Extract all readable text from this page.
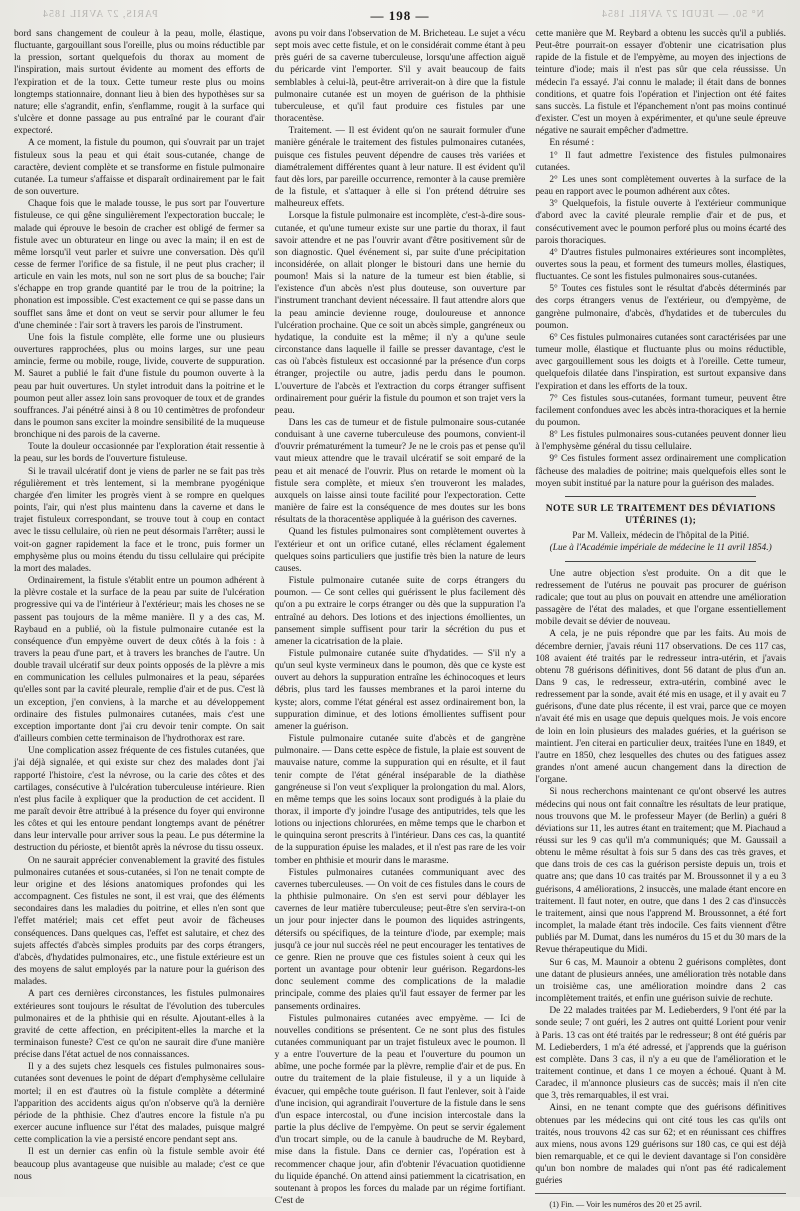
PARIS, 27 AVRIL 1854	— 198 —	N° 50. — JEUDI 27 AVRIL 1854

bord sans changement de couleur à la peau, molle, élastique, fluctuante, gargouillant sous l'oreille, plus ou moins réductible par la pression, sortant quelquefois du thorax au moment de l'inspiration, mais surtout évidente au moment des efforts de l'expiration et de la toux. Cette tumeur reste plus ou moins longtemps stationnaire, donnant lieu à bien des hypothèses sur sa nature; elle s'agrandit, enfin, s'enflamme, rougit à la surface qui s'ulcère et donne passage au pus entraîné par le courant d'air expectoré.

A ce moment, la fistule du poumon, qui s'ouvrait par un trajet fistuleux sous la peau et qui était sous-cutanée, change de caractère, devient complète et se transforme en fistule pulmonaire cutanée. La tumeur s'affaisse et disparaît ordinairement par le fait de son ouverture.

Chaque fois que le malade tousse, le pus sort par l'ouverture fistuleuse, ce qui gêne singulièrement l'expectoration buccale; le malade qui éprouve le besoin de cracher est obligé de fermer sa fistule avec un obturateur en linge ou avec la main; il en est de même lorsqu'il veut parler et suivre une conversation. Dès qu'il cesse de fermer l'orifice de sa fistule, il ne peut plus cracher; il articule en vain les mots, nul son ne sort plus de sa bouche; l'air s'échappe en trop grande quantité par le trou de la poitrine; la phonation est impossible. C'est exactement ce qui se passe dans un soufflet sans âme et dont on veut se servir pour allumer le feu d'une cheminée : l'air sort à travers les parois de l'instrument.

Une fois la fistule complète, elle forme une ou plusieurs ouvertures rapprochées, plus ou moins larges, sur une peau amincie, ferme ou mobile, rouge, livide, couverte de suppuration. M. Sauret a publié le fait d'une fistule du poumon ouverte à la peau par huit ouvertures. Un stylet introduit dans la poitrine et le poumon peut aller assez loin sans provoquer de toux et de grandes souffrances. J'ai pénétré ainsi à 8 ou 10 centimètres de profondeur dans le poumon sans exciter la moindre sensibilité de la muqueuse bronchique ni des parois de la caverne.

Toute la douleur occasionnée par l'exploration était ressentie à la peau, sur les bords de l'ouverture fistuleuse.

Si le travail ulcératif dont je viens de parler ne se fait pas très régulièrement et très lentement, si la membrane pyogénique chargée d'en limiter les progrès vient à se rompre en quelques points, l'air, qui n'est plus maintenu dans la caverne et dans le trajet fistuleux correspondant, se trouve tout à coup en contact avec le tissu cellulaire, où rien ne peut désormais l'arrêter; aussi le voit-on gagner rapidement la face et le tronc, puis former un emphysème plus ou moins étendu du tissu cellulaire qui précipite la mort des malades.

Ordinairement, la fistule s'établit entre un poumon adhérent à la plèvre costale et la surface de la peau par suite de l'ulcération progressive qui va de l'intérieur à l'extérieur; mais les choses ne se passent pas toujours de la même manière. Il y a des cas, M. Raybaud en a publié, où la fistule pulmonaire cutanée est la conséquence d'un empyème ouvert de deux côtés à la fois : à travers la peau d'une part, et à travers les branches de l'autre. Un double travail ulcératif sur deux points opposés de la plèvre a mis en communication les cellules pulmonaires et la peau, séparées qu'elles sont par la cavité pleurale, remplie d'air et de pus. C'est là un exception, j'en conviens, à la marche et au développement ordinaire des fistules pulmonaires cutanées, mais c'est une exception importante dont j'ai cru devoir tenir compte. On sait d'ailleurs combien cette terminaison de l'hydrothorax est rare.

Une complication assez fréquente de ces fistules cutanées, que j'ai déjà signalée, et qui existe sur chez des malades dont j'ai rapporté l'histoire, c'est la névrose, ou la carie des côtes et des cartilages, consécutive à l'ulcération tuberculeuse intérieure. Rien n'est plus facile à expliquer que la production de cet accident. Il me paraît devoir être attribué à la présence du foyer qui environne les côtes et qui les entoure pendant longtemps avant de pénétrer dans leur intervalle pour arriver sous la peau. Le pus détermine la destruction du périoste, et bientôt après la névrose du tissu osseux.

On ne saurait apprécier convenablement la gravité des fistules pulmonaires cutanées et sous-cutanées, si l'on ne tenait compte de leur origine et des lésions anatomiques profondes qui les accompagnent. Ces fistules ne sont, il est vrai, que des éléments secondaires dans les maladies du poitrine, et elles n'en sont que l'effet matériel; mais cet effet peut avoir de fâcheuses conséquences. Dans quelques cas, l'effet est salutaire, et chez des sujets affectés d'abcès simples produits par des corps étrangers, d'abcès, d'hydatides pulmonaires, etc., une fistule extérieure est un des moyens de salut employés par la nature pour la guérison des malades.

A part ces dernières circonstances, les fistules pulmonaires extérieures sont toujours le résultat de l'évolution des tubercules pulmonaires et de la phthisie qui en résulte. Ajoutant-elles à la gravité de cette affection, en précipitent-elles la marche et la terminaison funeste? C'est ce qu'on ne saurait dire d'une manière précise dans l'état actuel de nos connaissances.

Il y a des sujets chez lesquels ces fistules pulmonaires sous-cutanées sont devenues le point de départ d'emphysème cellulaire mortel; il en est d'autres où la fistule complète a déterminé l'apparition des accidents aigus qu'on n'observe qu'à la dernière période de la phthisie. Chez d'autres encore la fistule n'a pu exercer aucune influence sur l'état des malades, puisque malgré cette complication la vie a persisté encore pendant sept ans.

Il est un dernier cas enfin où la fistule semble avoir été beaucoup plus avantageuse que nuisible au malade; c'est ce que nous

avons pu voir dans l'observation de M. Bricheteau. Le sujet a vécu sept mois avec cette fistule, et on le considérait comme étant à peu près guéri de sa caverne tuberculeuse, lorsqu'une affection aiguë du péricarde vint l'emporter. S'il y avait beaucoup de faits semblables à celui-là, peut-être arriverait-on à dire que la fistule pulmonaire cutanée est un moyen de guérison de la phthisie tuberculeuse, et qu'il faut produire ces fistules par une thoracentèse.

Traitement. — Il est évident qu'on ne saurait formuler d'une manière générale le traitement des fistules pulmonaires cutanées, puisque ces fistules peuvent dépendre de causes très variées et diamétralement différentes quant à leur nature. Il est évident qu'il faut dès lors, par pareille occurrence, remonter à la cause première de la fistule, et s'attaquer à elle si l'on prétend détruire ses malheureux effets.

Lorsque la fistule pulmonaire est incomplète, c'est-à-dire sous-cutanée, et qu'une tumeur existe sur une partie du thorax, il faut savoir attendre et ne pas l'ouvrir avant d'être positivement sûr de son diagnostic. Quel événement si, par suite d'une précipitation inconsidérée, on allait plonger le bistouri dans une hernie du poumon! Mais si la nature de la tumeur est bien établie, si l'existence d'un abcès n'est plus douteuse, son ouverture par l'instrument tranchant devient nécessaire. Il faut attendre alors que la peau amincie devienne rouge, douloureuse et annonce l'ulcération prochaine. Que ce soit un abcès simple, gangréneux ou hydatique, la conduite est la même; il n'y a qu'une seule circonstance dans laquelle il faille se presser davantage, c'est le cas où l'abcès fistuleux est occasionné par la présence d'un corps étranger, projectile ou autre, jadis perdu dans le poumon. L'ouverture de l'abcès et l'extraction du corps étranger suffisent ordinairement pour guérir la fistule du poumon et son trajet vers la peau.

Dans les cas de tumeur et de fistule pulmonaire sous-cutanée conduisant à une caverne tuberculeuse des poumons, convient-il d'ouvrir prématurément la tumeur? Je ne le crois pas et pense qu'il vaut mieux attendre que le travail ulcératif se soit emparé de la peau et ait menacé de l'ouvrir. Plus on retarde le moment où la fistule sera complète, et mieux s'en trouveront les malades, auxquels on laisse ainsi toute facilité pour l'expectoration. Cette manière de faire est la conséquence de mes doutes sur les bons résultats de la thoracentèse appliquée à la guérison des cavernes.

Quand les fistules pulmonaires sont complètement ouvertes à l'extérieur et ont un orifice cutané, elles réclament également quelques soins particuliers que justifie très bien la nature de leurs causes.

Fistule pulmonaire cutanée suite de corps étrangers du poumon. — Ce sont celles qui guérissent le plus facilement dès qu'on a pu extraire le corps étranger ou dès que la suppuration l'a entraîné au dehors. Des lotions et des injections émollientes, un pansement simple suffisent pour tarir la sécrétion du pus et amener la cicatrisation de la plaie.

Fistule pulmonaire cutanée suite d'hydatides. — S'il n'y a qu'un seul kyste vermineux dans le poumon, dès que ce kyste est ouvert au dehors la suppuration entraîne les échinocoques et leurs débris, plus tard les fausses membranes et la paroi interne du kyste; alors, comme l'état général est assez ordinairement bon, la suppuration diminue, et des lotions émollientes suffisent pour amener la guérison.

Fistule pulmonaire cutanée suite d'abcès et de gangrène pulmonaire. — Dans cette espèce de fistule, la plaie est souvent de mauvaise nature, comme la suppuration qui en résulte, et il faut tenir compte de l'état général inséparable de la diathèse gangréneuse si l'on veut s'expliquer la prolongation du mal. Alors, en même temps que les soins locaux sont prodigués à la plaie du thorax, il importe d'y joindre l'usage des antiputrides, tels que les lotions ou injections chlorurées, en même temps que le charbon et le quinquina seront prescrits à l'intérieur. Dans ces cas, la quantité de la suppuration épuise les malades, et il n'est pas rare de les voir tomber en phthisie et mourir dans le marasme.

Fistules pulmonaires cutanées communiquant avec des cavernes tuberculeuses. — On voit de ces fistules dans le cours de la phthisie pulmonaire. On s'en est servi pour déblayer les cavernes de leur matière tuberculeuse; peut-être s'en servira-t-on un jour pour injecter dans le poumon des liquides astringents, détersifs ou spécifiques, de la teinture d'iode, par exemple; mais jusqu'à ce jour nul succès réel ne peut encourager les tentatives de ce genre. Rien ne prouve que ces fistules soient à ceux qui les portent un avantage pour obtenir leur guérison. Regardons-les donc seulement comme des complications de la maladie principale, comme des plaies qu'il faut essayer de fermer par les pansements ordinaires.

Fistules pulmonaires cutanées avec empyème. — Ici de nouvelles conditions se présentent. Ce ne sont plus des fistules cutanées communiquant par un trajet fistuleux avec le poumon. Il y a entre l'ouverture de la peau et l'ouverture du poumon un abîme, une poche formée par la plèvre, remplie d'air et de pus. En outre du traitement de la plaie fistuleuse, il y a un liquide à évacuer, qui empêche toute guérison. Il faut l'enlever, soit à l'aide d'une incision, qui agrandirait l'ouverture de la fistule dans le sens d'un espace intercostal, ou d'une incision intercostale dans la partie la plus déclive de l'empyème. On peut se servir également d'un trocart simple, ou de la canule à baudruche de M. Reybard, mise dans la fistule. Dans ce dernier cas, l'opération est à recommencer chaque jour, afin d'obtenir l'évacuation quotidienne du liquide épanché. On attend ainsi patiemment la cicatrisation, en soutenant à propos les forces du malade par un régime fortifiant. C'est de

cette manière que M. Reybard a obtenu les succès qu'il a publiés. Peut-être pourrait-on essayer d'obtenir une cicatrisation plus rapide de la fistule et de l'empyème, au moyen des injections de teinture d'iode; mais il n'est pas sûr que cela réussisse. Un médecin l'a essayé. J'ai connu le malade; il était dans de bonnes conditions, et quatre fois l'opération et l'injection ont été faites sans succès. La fistule et l'épanchement n'ont pas moins continué d'exister. C'est un moyen à expérimenter, et qu'une seule épreuve négative ne saurait empêcher d'admettre.

En résumé :

1° Il faut admettre l'existence des fistules pulmonaires cutanées.

2° Les unes sont complètement ouvertes à la surface de la peau en rapport avec le poumon adhérent aux côtes.

3° Quelquefois, la fistule ouverte à l'extérieur communique d'abord avec la cavité pleurale remplie d'air et de pus, et consécutivement avec le poumon perforé plus ou moins écarté des parois thoraciques.

4° D'autres fistules pulmonaires extérieures sont incomplètes, ouvertes sous la peau, et forment des tumeurs molles, élastiques, fluctuantes. Ce sont les fistules pulmonaires sous-cutanées.

5° Toutes ces fistules sont le résultat d'abcès déterminés par des corps étrangers venus de l'extérieur, ou d'empyème, de gangrène pulmonaire, d'abcès, d'hydatides et de tubercules du poumon.

6° Ces fistules pulmonaires cutanées sont caractérisées par une tumeur molle, élastique et fluctuante plus ou moins réductible, avec gargouillement sous les doigts et à l'oreille. Cette tumeur, quelquefois dilatée dans l'inspiration, est surtout expansive dans l'expiration et dans les efforts de la toux.

7° Ces fistules sous-cutanées, formant tumeur, peuvent être facilement confondues avec les abcès intra-thoraciques et la hernie du poumon.

8° Les fistules pulmonaires sous-cutanées peuvent donner lieu à l'emphysème général du tissu cellulaire.

9° Ces fistules forment assez ordinairement une complication fâcheuse des maladies de poitrine; mais quelquefois elles sont le moyen subit institué par la nature pour la guérison des malades.

NOTE SUR LE TRAITEMENT DES DÉVIATIONS UTÉRINES (1);

Par M. Valleix, médecin de l'hôpital de la Pitié.

(Lue à l'Académie impériale de médecine le 11 avril 1854.)

Une autre objection s'est produite. On a dit que le redressement de l'utérus ne pouvait pas procurer de guérison radicale; que tout au plus on pouvait en attendre une amélioration passagère de l'état des malades, et que l'organe essentiellement mobile devait se dévier de nouveau.

A cela, je ne puis répondre que par les faits. Au mois de décembre dernier, j'avais réuni 117 observations. De ces 117 cas, 108 avaient été traités par le redresseur intra-utérin, et j'avais obtenu 78 guérisons définitives, dont 56 datant de plus d'un an. Dans 9 cas, le redresseur, extra-utérin, combiné avec le redressement par la sonde, avait été mis en usage, et il y avait eu 7 guérisons, d'une date plus récente, il est vrai, parce que ce moyen n'avait été mis en usage que depuis quelques mois. Je vois encore de loin en loin plusieurs des malades guéries, et la guérison se maintient. J'en citerai en particulier deux, traitées l'une en 1849, et l'autre en 1850, chez lesquelles des chutes ou des fatigues assez grandes n'ont amené aucun changement dans la direction de l'organe.

Si nous recherchons maintenant ce qu'ont observé les autres médecins qui nous ont fait connaître les résultats de leur pratique, nous trouvons que M. le professeur Mayer (de Berlin) a guéri 8 déviations sur 11, les autres étant en traitement; que M. Piachaud a réussi sur les 9 cas qu'il m'a communiqués; que M. Gaussail a obtenu le même résultat à fois sur 5 dans des cas très graves, et que dans trois de ces cas la guérison persiste depuis un, trois et quatre ans; que dans 10 cas traités par M. Broussonnet il y a eu 3 guérisons, 4 améliorations, 2 insuccès, une malade étant encore en traitement. Il faut noter, en outre, que dans 1 des 2 cas d'insuccès le traitement, ainsi que nous l'apprend M. Broussonnet, a été fort incomplet, la malade étant très indocile. Ces faits viennent d'être publiés par M. Dumat, dans les numéros du 15 et du 30 mars de la Revue thérapeutique du Midi.

Sur 6 cas, M. Maunoir a obtenu 2 guérisons complètes, dont une datant de plusieurs années, une amélioration très notable dans un troisième cas, une amélioration moindre dans 2 cas incomplètement traités, et enfin une guérison suivie de rechute.

De 22 malades traitées par M. Ledieberders, 9 l'ont été par la sonde seule; 7 ont guéri, les 2 autres ont quitté Lorient pour venir à Paris. 13 cas ont été traités par le redresseur; 8 ont été guéris par M. Ledieberders, 1 m'a été adressé, et j'apprends que la guérison est complète. Dans 3 cas, il n'y a eu que de l'amélioration et le traitement continue, et dans 1 ce moyen a échoué. Quant à M. Caradec, il m'annonce plusieurs cas de succès; mais il n'en cite que 3, très remarquables, il est vrai.

Ainsi, en ne tenant compte que des guérisons définitives obtenues par les médecins qui ont cité tous les cas qu'ils ont traités, nous trouvons 42 cas sur 62; et en réunissant ces chiffres aux miens, nous avons 129 guérisons sur 180 cas, ce qui est déjà bien remarquable, et ce qui le devient davantage si l'on considère qu'un bon nombre de malades qui n'ont pas été radicalement guéries

(1) Fin. — Voir les numéros des 20 et 25 avril.
